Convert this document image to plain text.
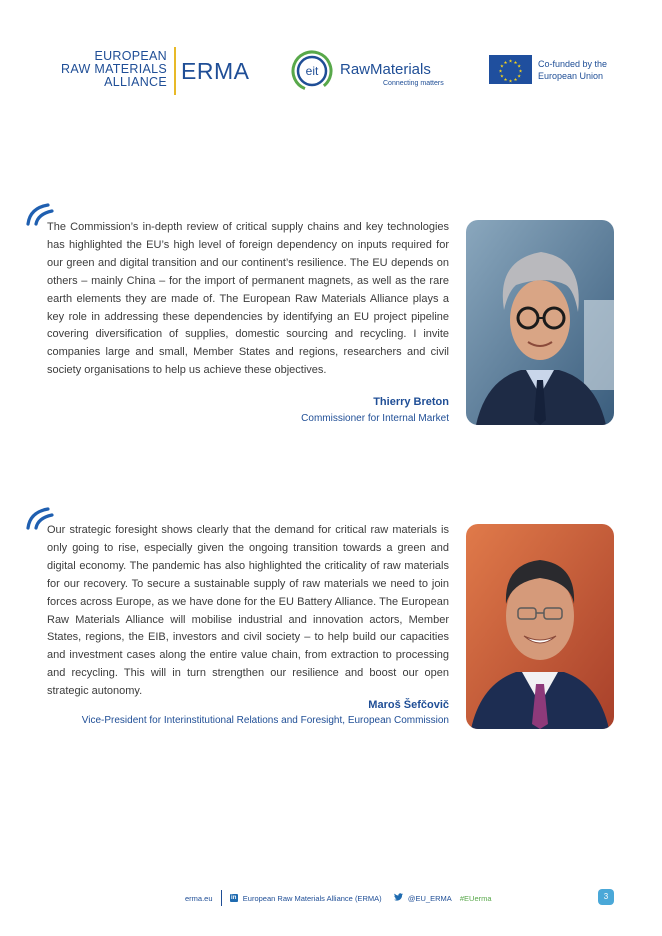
EUROPEAN
RAW MATERIALS
ALLIANCE ERMA	eit RawMaterials
Connecting matters
★ ★
★
★
★
★
★
★
★
★
★
★	Co-funded by the
European Union

The Commission’s in-depth review of critical supply chains and key technologies has highlighted the EU’s high level of foreign dependency on inputs required for our green and digital transition and our continent’s resilience. The EU depends on others – mainly China – for the import of permanent magnets, as well as the rare earth elements they are made of. The European Raw Materials Alliance plays a key role in addressing these dependencies by identifying an EU project pipeline covering diversification of supplies, domestic sourcing and recycling. I invite companies large and small, Member States and regions, researchers and civil society organisations to help us achieve these objectives.

Thierry Breton
Commissioner for Internal Market

Our strategic foresight shows clearly that the demand for critical raw materials is only going to rise, especially given the ongoing transition towards a green and digital economy. The pandemic has also highlighted the criticality of raw materials for our recovery. To secure a sustainable supply of raw materials we need to join forces across Europe, as we have done for the EU Battery Alliance. The European Raw Materials Alliance will mobilise industrial and innovation actors, Member States, regions, the EIB, investors and civil society – to help build our capacities and investment cases along the entire value chain, from extraction to processing and recycling. This will in turn strengthen our resilience and boost our open strategic autonomy.

Maroš Šefčovič
Vice-President for Interinstitutional Relations and Foresight, European Commission
erma.eu	in European Raw Materials Alliance (ERMA)	@EU_ERMA #EUerma	3
